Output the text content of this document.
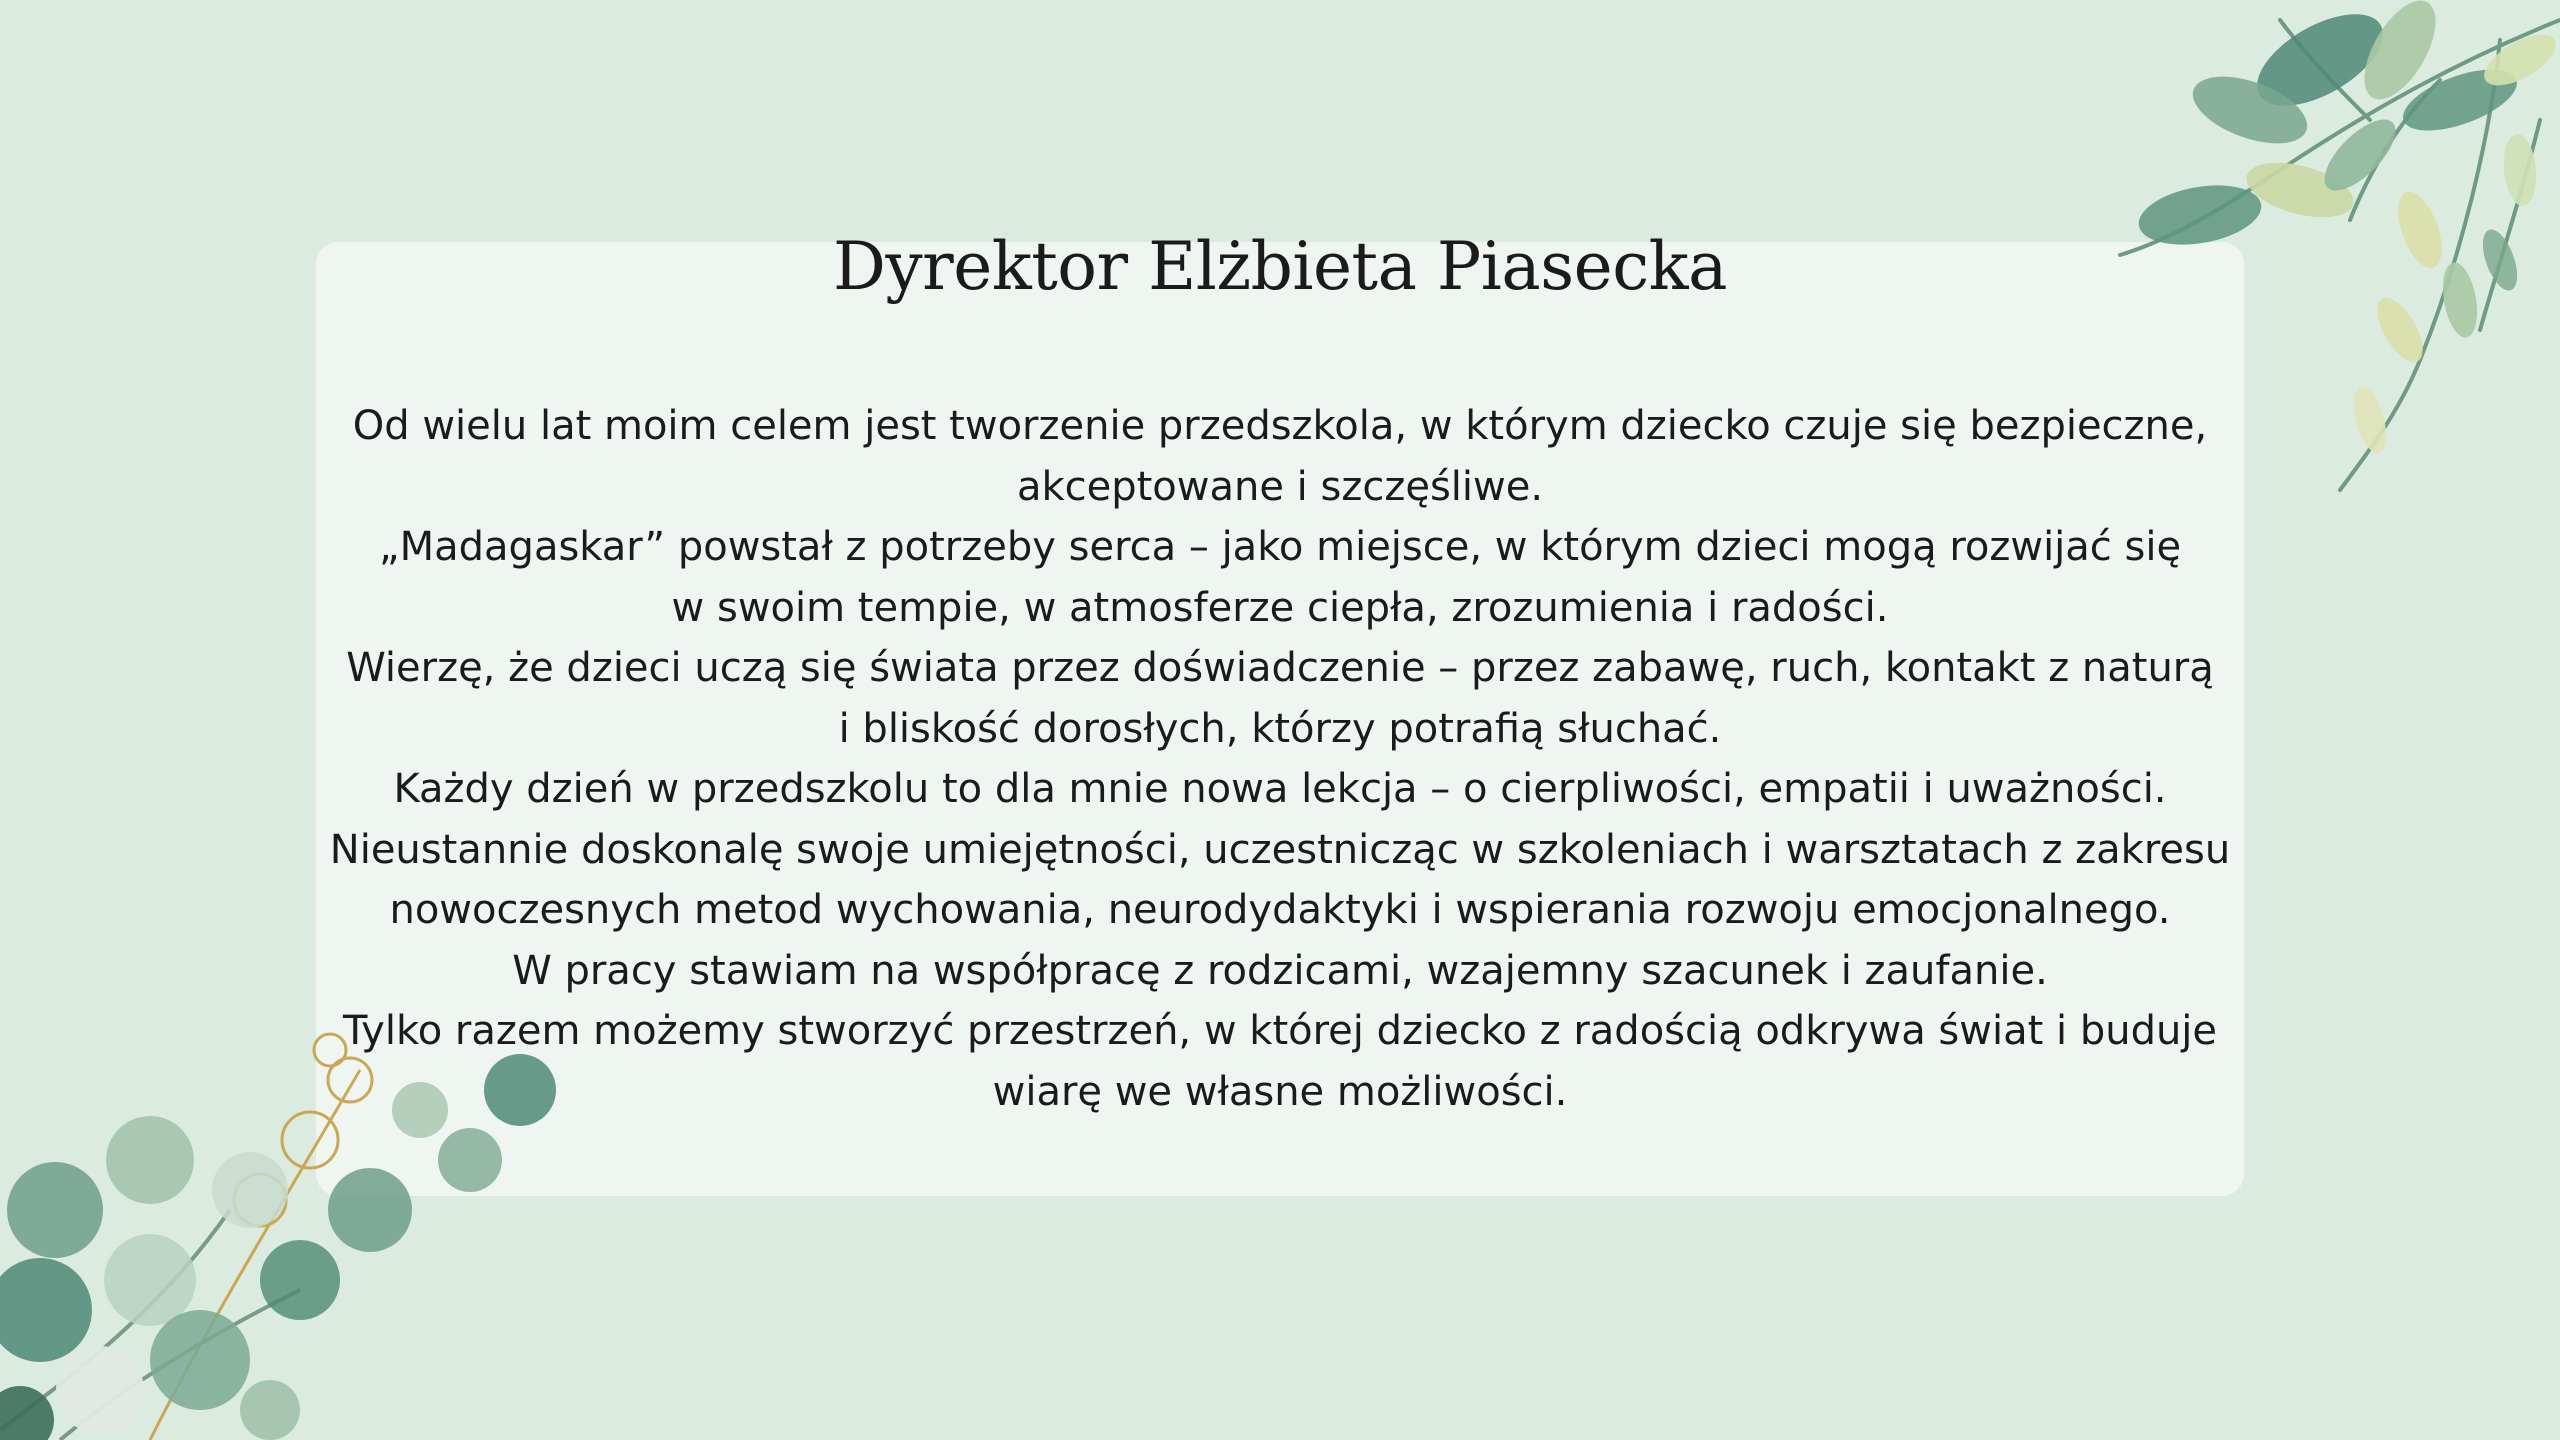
Dyrektor Elżbieta Piasecka
Od wielu lat moim celem jest tworzenie przedszkola, w którym dziecko czuje się bezpieczne,
akceptowane i szczęśliwe.
„Madagaskar” powstał z potrzeby serca – jako miejsce, w którym dzieci mogą rozwijać się
w swoim tempie, w atmosferze ciepła, zrozumienia i radości.
Wierzę, że dzieci uczą się świata przez doświadczenie – przez zabawę, ruch, kontakt z naturą
i bliskość dorosłych, którzy potrafią słuchać.
Każdy dzień w przedszkolu to dla mnie nowa lekcja – o cierpliwości, empatii i uważności.
Nieustannie doskonalę swoje umiejętności, uczestnicząc w szkoleniach i warsztatach z zakresu
nowoczesnych metod wychowania, neurodydaktyki i wspierania rozwoju emocjonalnego.
W pracy stawiam na współpracę z rodzicami, wzajemny szacunek i zaufanie.
Tylko razem możemy stworzyć przestrzeń, w której dziecko z radością odkrywa świat i buduje
wiarę we własne możliwości.
